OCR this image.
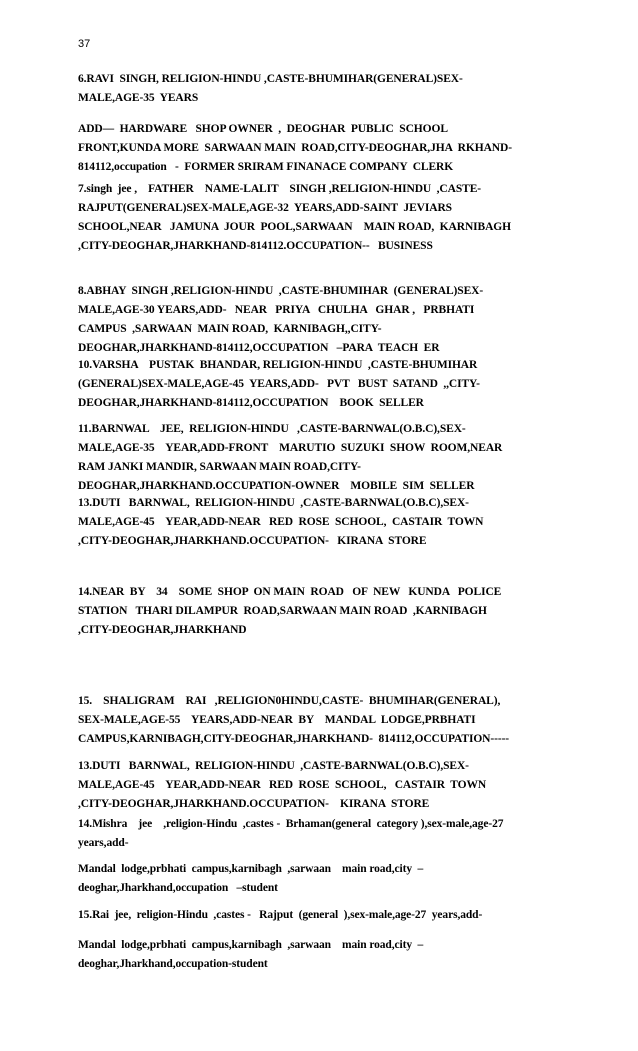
37
6.RAVI  SINGH, RELIGION-HINDU ,CASTE-BHUMIHAR(GENERAL)SEX-
MALE,AGE-35  YEARS
ADD—  HARDWARE   SHOP OWNER  ,  DEOGHAR  PUBLIC  SCHOOL
FRONT,KUNDA MORE  SARWAAN MAIN  ROAD,CITY-DEOGHAR,JHA  RKHAND-
814112,occupation   -  FORMER SRIRAM FINANACE COMPANY  CLERK
7.singh  jee ,    FATHER    NAME-LALIT    SINGH ,RELIGION-HINDU  ,CASTE-
RAJPUT(GENERAL)SEX-MALE,AGE-32  YEARS,ADD-SAINT  JEVIARS
SCHOOL,NEAR   JAMUNA  JOUR  POOL,SARWAAN    MAIN ROAD,  KARNIBAGH
,CITY-DEOGHAR,JHARKHAND-814112.OCCUPATION--   BUSINESS
8.ABHAY  SINGH ,RELIGION-HINDU  ,CASTE-BHUMIHAR  (GENERAL)SEX-
MALE,AGE-30 YEARS,ADD-   NEAR   PRIYA   CHULHA   GHAR ,   PRBHATI
CAMPUS  ,SARWAAN  MAIN ROAD,  KARNIBAGH,,CITY-
DEOGHAR,JHARKHAND-814112,OCCUPATION   –PARA  TEACH  ER
10.VARSHA    PUSTAK  BHANDAR, RELIGION-HINDU  ,CASTE-BHUMIHAR
(GENERAL)SEX-MALE,AGE-45  YEARS,ADD-   PVT   BUST  SATAND  ,,CITY-
DEOGHAR,JHARKHAND-814112,OCCUPATION    BOOK  SELLER
11.BARNWAL    JEE,  RELIGION-HINDU   ,CASTE-BARNWAL(O.B.C),SEX-
MALE,AGE-35    YEAR,ADD-FRONT    MARUTIO  SUZUKI  SHOW  ROOM,NEAR
RAM JANKI MANDIR, SARWAAN MAIN ROAD,CITY-
DEOGHAR,JHARKHAND.OCCUPATION-OWNER    MOBILE  SIM  SELLER
13.DUTI   BARNWAL,  RELIGION-HINDU  ,CASTE-BARNWAL(O.B.C),SEX-
MALE,AGE-45    YEAR,ADD-NEAR   RED  ROSE  SCHOOL,  CASTAIR  TOWN
,CITY-DEOGHAR,JHARKHAND.OCCUPATION-   KIRANA  STORE
14.NEAR  BY    34    SOME  SHOP  ON MAIN  ROAD   OF  NEW   KUNDA   POLICE
STATION   THARI DILAMPUR  ROAD,SARWAAN MAIN ROAD  ,KARNIBAGH
,CITY-DEOGHAR,JHARKHAND
15.    SHALIGRAM    RAI   ,RELIGION0HINDU,CASTE-  BHUMIHAR(GENERAL),
SEX-MALE,AGE-55    YEARS,ADD-NEAR  BY    MANDAL  LODGE,PRBHATI
CAMPUS,KARNIBAGH,CITY-DEOGHAR,JHARKHAND-  814112,OCCUPATION-----
13.DUTI   BARNWAL,  RELIGION-HINDU  ,CASTE-BARNWAL(O.B.C),SEX-
MALE,AGE-45    YEAR,ADD-NEAR   RED  ROSE  SCHOOL,   CASTAIR  TOWN
,CITY-DEOGHAR,JHARKHAND.OCCUPATION-    KIRANA  STORE
14.Mishra    jee    ,religion-Hindu  ,castes -  Brhaman(general  category ),sex-male,age-27
years,add-
Mandal  lodge,prbhati  campus,karnibagh  ,sarwaan    main road,city  –
deoghar,Jharkhand,occupation   –student
15.Rai  jee,  religion-Hindu  ,castes -   Rajput  (general  ),sex-male,age-27  years,add-
Mandal  lodge,prbhati  campus,karnibagh  ,sarwaan    main road,city  –
deoghar,Jharkhand,occupation-student
